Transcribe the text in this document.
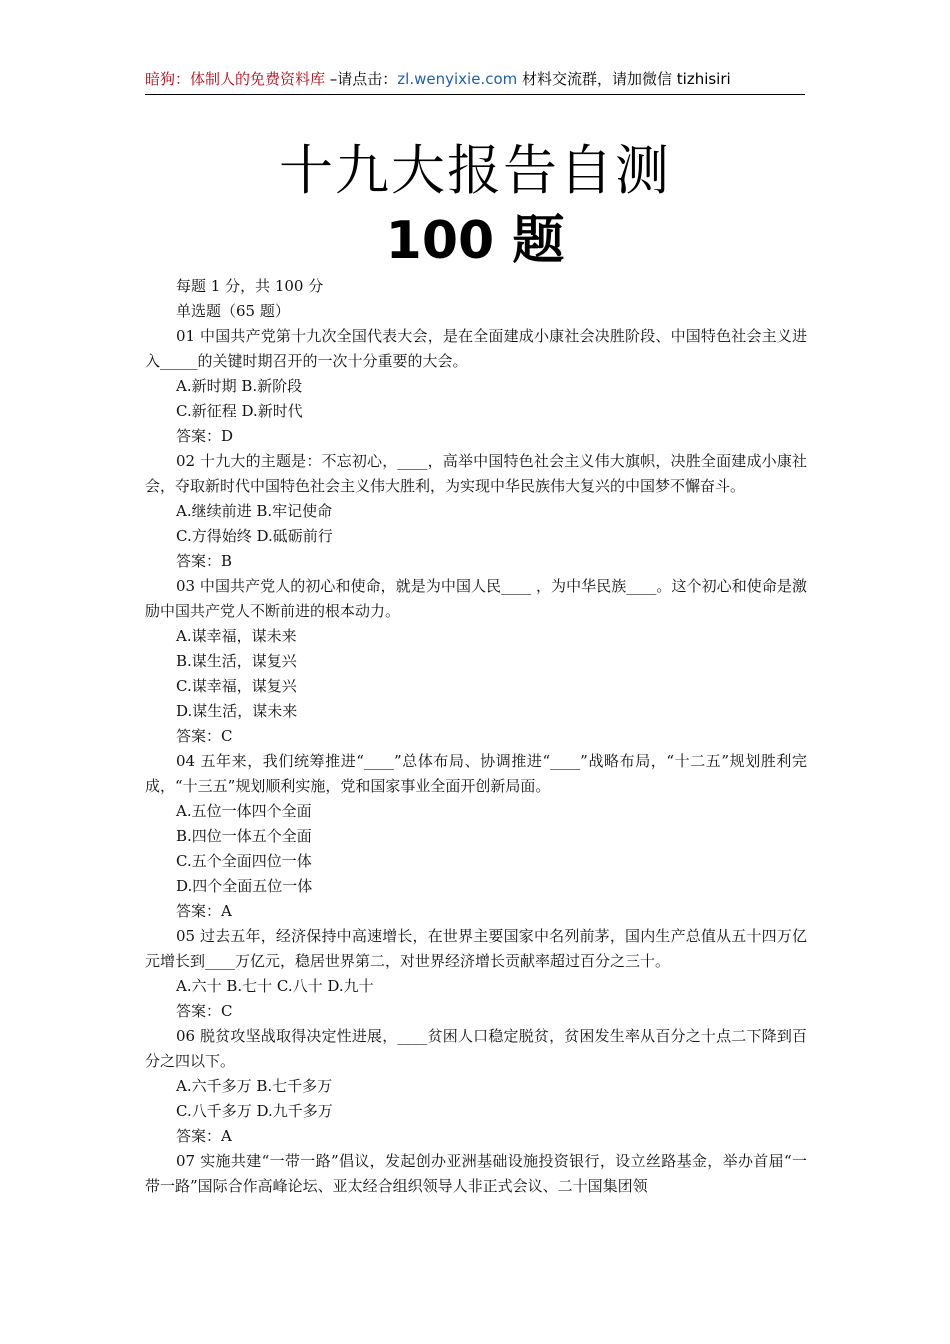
暗狗：体制人的免费资料库 –请点击：zl.wenyixie.com 材料交流群，请加微信 tizhisiri
十九大报告自测
100 题
每题 1 分，共 100 分
单选题（65 题）
01 中国共产党第十九次全国代表大会，是在全面建成小康社会决胜阶段、中国特色社会主义进入_____的关键时期召开的一次十分重要的大会。
A.新时期 B.新阶段
C.新征程 D.新时代
答案：D
02 十九大的主题是：不忘初心，____，高举中国特色社会主义伟大旗帜，决胜全面建成小康社会，夺取新时代中国特色社会主义伟大胜利，为实现中华民族伟大复兴的中国梦不懈奋斗。
A.继续前进 B.牢记使命
C.方得始终 D.砥砺前行
答案：B
03 中国共产党人的初心和使命，就是为中国人民____ ，为中华民族____。这个初心和使命是激励中国共产党人不断前进的根本动力。
A.谋幸福，谋未来
B.谋生活，谋复兴
C.谋幸福，谋复兴
D.谋生活，谋未来
答案：C
04 五年来，我们统筹推进“____”总体布局、协调推进“____”战略布局，“十二五”规划胜利完成，“十三五”规划顺利实施，党和国家事业全面开创新局面。
A.五位一体四个全面
B.四位一体五个全面
C.五个全面四位一体
D.四个全面五位一体
答案：A
05 过去五年，经济保持中高速增长，在世界主要国家中名列前茅，国内生产总值从五十四万亿元增长到____万亿元，稳居世界第二，对世界经济增长贡献率超过百分之三十。
A.六十 B.七十 C.八十 D.九十
答案：C
06 脱贫攻坚战取得决定性进展，____贫困人口稳定脱贫，贫困发生率从百分之十点二下降到百分之四以下。
A.六千多万 B.七千多万
C.八千多万 D.九千多万
答案：A
07 实施共建“一带一路”倡议，发起创办亚洲基础设施投资银行，设立丝路基金，举办首届“一带一路”国际合作高峰论坛、亚太经合组织领导人非正式会议、二十国集团领
